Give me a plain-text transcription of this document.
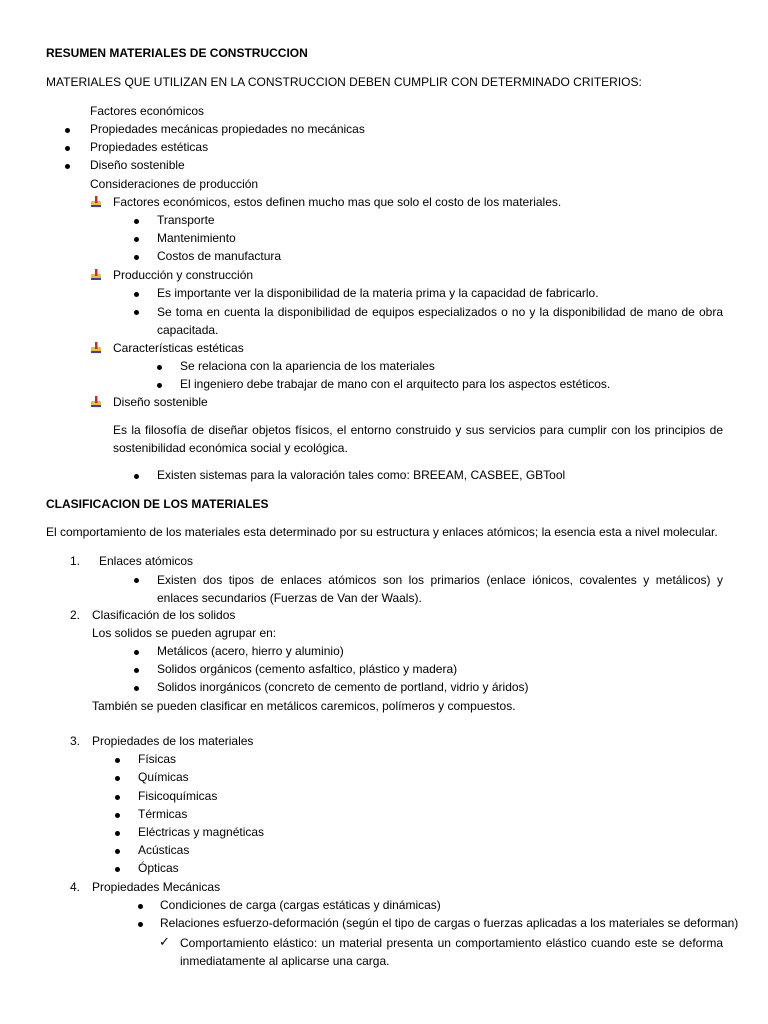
RESUMEN MATERIALES DE CONSTRUCCION
MATERIALES QUE UTILIZAN EN LA CONSTRUCCION DEBEN CUMPLIR CON DETERMINADO CRITERIOS:
Factores económicos
Propiedades mecánicas propiedades no mecánicas
Propiedades estéticas
Diseño sostenible
Consideraciones de producción
Factores económicos, estos definen mucho mas que solo el costo de los materiales.
Transporte
Mantenimiento
Costos de manufactura
Producción y construcción
Es importante ver la disponibilidad de la materia prima y la capacidad de fabricarlo.
Se toma en cuenta la disponibilidad de equipos especializados o no y la disponibilidad de mano de obra capacitada.
Características estéticas
Se relaciona con la apariencia de los materiales
El ingeniero debe trabajar de mano con el arquitecto para los aspectos estéticos.
Diseño sostenible
Es la filosofía de diseñar objetos físicos, el entorno construido y sus servicios para cumplir con los principios de sostenibilidad económica social y ecológica.
Existen sistemas para la valoración tales como: BREEAM, CASBEE, GBTool
CLASIFICACION DE LOS MATERIALES
El comportamiento de los materiales esta determinado por su estructura y enlaces atómicos; la esencia esta a nivel molecular.
1. Enlaces atómicos
Existen dos tipos de enlaces atómicos son los primarios (enlace iónicos, covalentes y metálicos) y enlaces secundarios (Fuerzas de Van der Waals).
2. Clasificación de los solidos
Los solidos se pueden agrupar en:
Metálicos (acero, hierro y aluminio)
Solidos orgánicos (cemento asfaltico, plástico y madera)
Solidos inorgánicos (concreto de cemento de portland, vidrio y áridos)
También se pueden clasificar en metálicos caremicos, polímeros y compuestos.
3. Propiedades de los materiales
Físicas
Químicas
Fisicoquímicas
Térmicas
Eléctricas y magnéticas
Acústicas
Ópticas
4. Propiedades Mecánicas
Condiciones de carga (cargas estáticas y dinámicas)
Relaciones esfuerzo-deformación (según el tipo de cargas o fuerzas aplicadas a los materiales se deforman)
✓ Comportamiento elástico: un material presenta un comportamiento elástico cuando este se deforma inmediatamente al aplicarse una carga.
